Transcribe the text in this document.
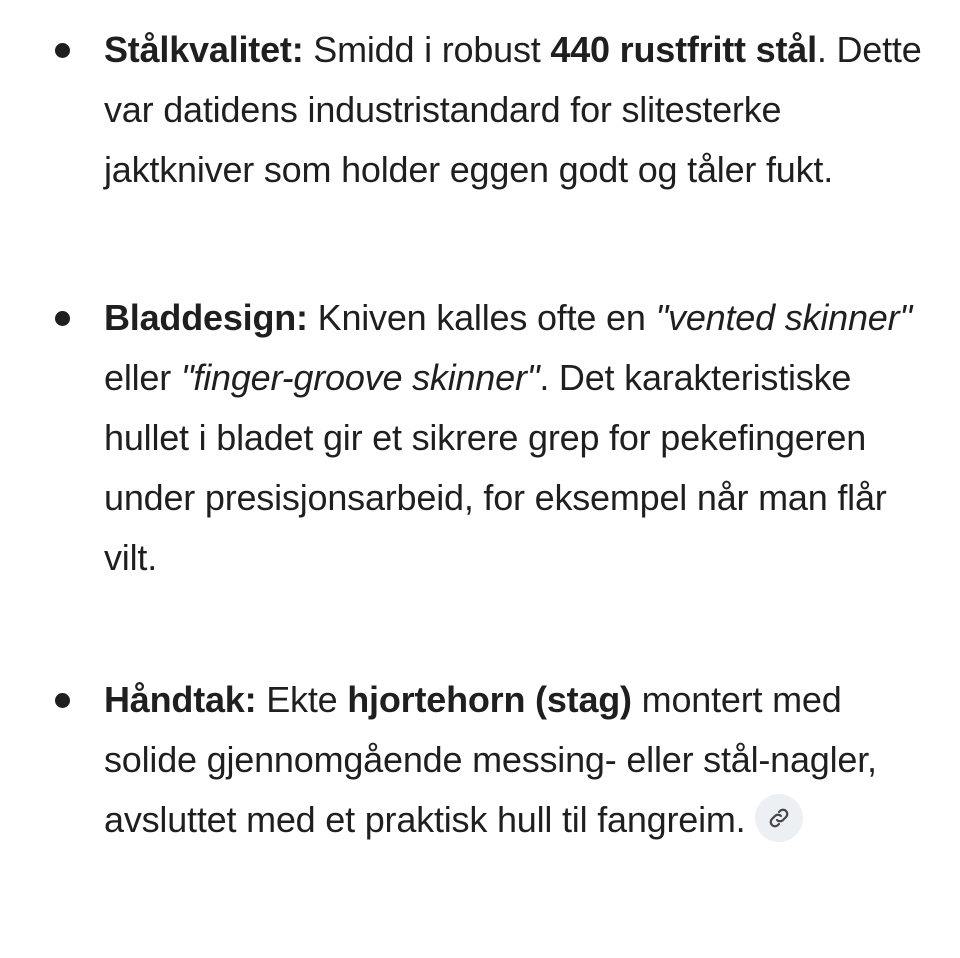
Stålkvalitet: Smidd i robust 440 rustfritt stål. Dette var datidens industristandard for slitesterke jaktkniver som holder eggen godt og tåler fukt.
Bladdesign: Kniven kalles ofte en "vented skinner" eller "finger-groove skinner". Det karakteristiske hullet i bladet gir et sikrere grep for pekefingeren under presisjonsarbeid, for eksempel når man flår vilt.
Håndtak: Ekte hjortehorn (stag) montert med solide gjennomgående messing- eller stål-nagler, avsluttet med et praktisk hull til fangreim.
